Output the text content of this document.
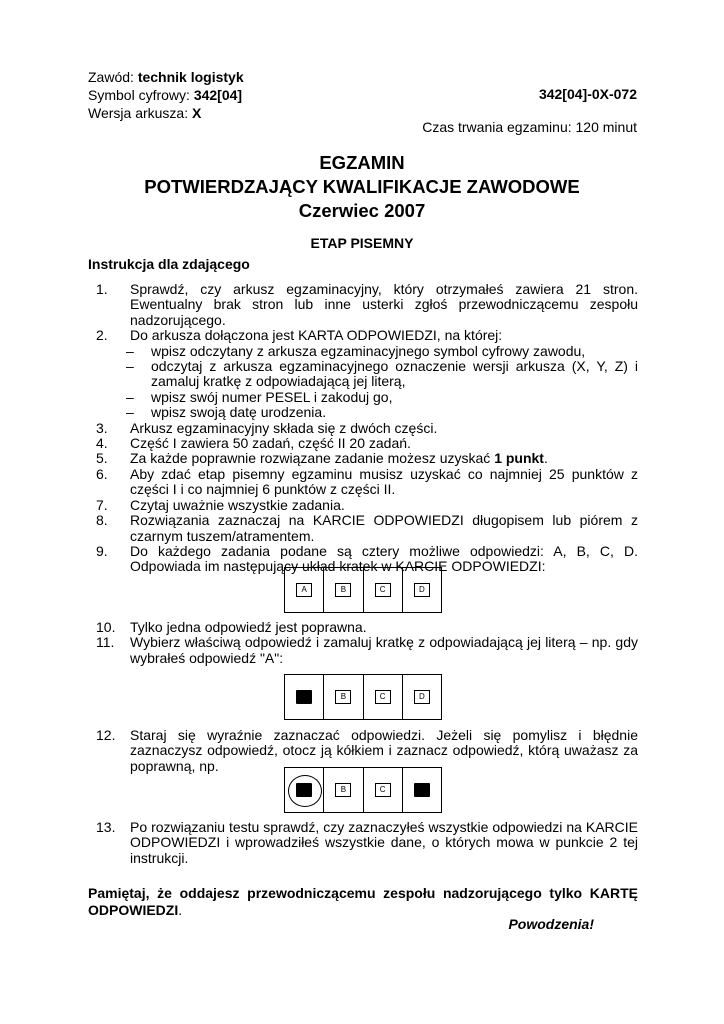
Zawód: technik logistyk
Symbol cyfrowy: 342[04]
Wersja arkusza: X
342[04]-0X-072
Czas trwania egzaminu: 120 minut
EGZAMIN
POTWIERDZAJĄCY KWALIFIKACJE ZAWODOWE
Czerwiec 2007
ETAP PISEMNY
Instrukcja dla zdającego
1. Sprawdź, czy arkusz egzaminacyjny, który otrzymałeś zawiera 21 stron. Ewentualny brak stron lub inne usterki zgłoś przewodniczącemu zespołu nadzorującego.
2. Do arkusza dołączona jest KARTA ODPOWIEDZI, na której:
– wpisz odczytany z arkusza egzaminacyjnego symbol cyfrowy zawodu,
– odczytaj z arkusza egzaminacyjnego oznaczenie wersji arkusza (X, Y, Z) i zamaluj kratkę z odpowiadającą jej literą,
– wpisz swój numer PESEL i zakoduj go,
– wpisz swoją datę urodzenia.
3. Arkusz egzaminacyjny składa się z dwóch części.
4. Część I zawiera 50 zadań, część II 20 zadań.
5. Za każde poprawnie rozwiązane zadanie możesz uzyskać 1 punkt.
6. Aby zdać etap pisemny egzaminu musisz uzyskać co najmniej 25 punktów z części I i co najmniej 6 punktów z części II.
7. Czytaj uważnie wszystkie zadania.
8. Rozwiązania zaznaczaj na KARCIE ODPOWIEDZI długopisem lub piórem z czarnym tuszem/atramentem.
9. Do każdego zadania podane są cztery możliwe odpowiedzi: A, B, C, D. Odpowiada im następujący układ kratek w KARCIE ODPOWIEDZI:
A	B	C	D
10. Tylko jedna odpowiedź jest poprawna.
11. Wybierz właściwą odpowiedź i zamaluj kratkę z odpowiadającą jej literą – np. gdy wybrałeś odpowiedź "A":
B	C	D
12. Staraj się wyraźnie zaznaczać odpowiedzi. Jeżeli się pomylisz i błędnie zaznaczysz odpowiedź, otocz ją kółkiem i zaznacz odpowiedź, którą uważasz za poprawną, np.
B	C
13. Po rozwiązaniu testu sprawdź, czy zaznaczyłeś wszystkie odpowiedzi na KARCIE ODPOWIEDZI i wprowadziłeś wszystkie dane, o których mowa w punkcie 2 tej instrukcji.
Pamiętaj, że oddajesz przewodniczącemu zespołu nadzorującego tylko KARTĘ ODPOWIEDZI.
Powodzenia!
